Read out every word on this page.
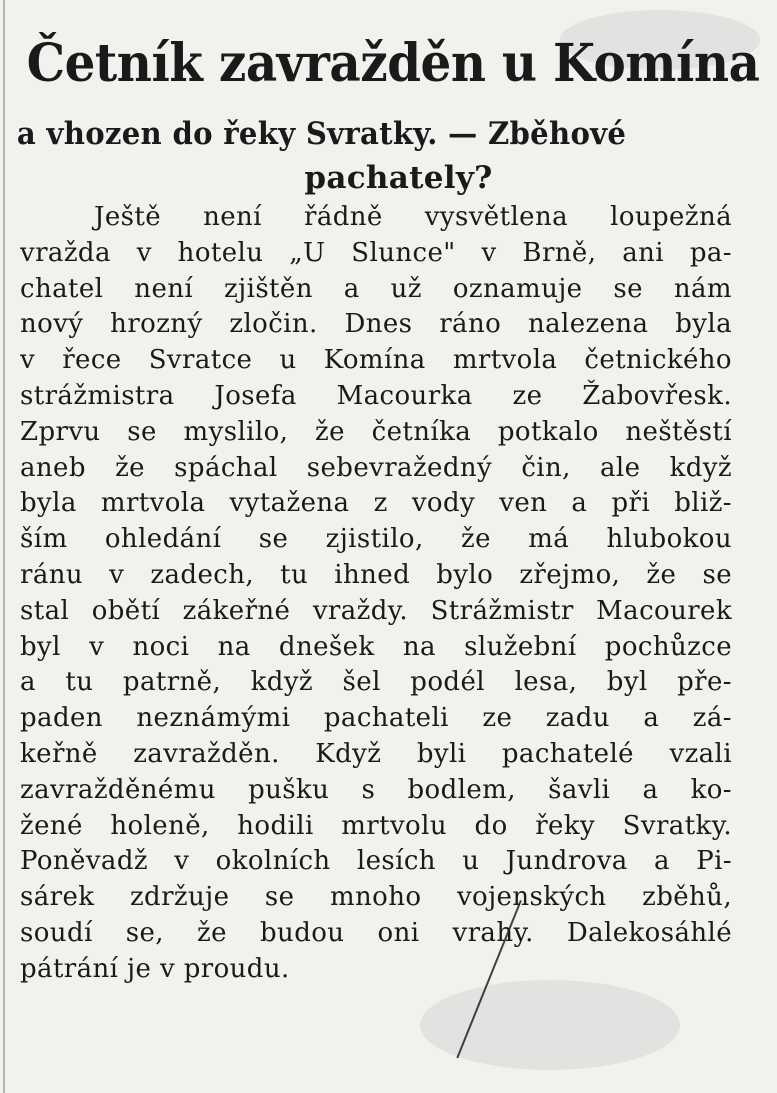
Četník zavražděn u Komína
a vhozen do řeky Svratky. — Zběhové
pachately?
Ještě není řádně vysvětlena loupežná
vražda v hotelu „U Slunce" v Brně, ani pa-
chatel není zjištěn a už oznamuje se nám
nový hrozný zločin. Dnes ráno nalezena byla
v řece Svratce u Komína mrtvola četnického
strážmistra Josefa Macourka ze Žabovřesk.
Zprvu se myslilo, že četníka potkalo neštěstí
aneb že spáchal sebevražedný čin, ale když
byla mrtvola vytažena z vody ven a při bliž-
ším ohledání se zjistilo, že má hlubokou
ránu v zadech, tu ihned bylo zřejmo, že se
stal obětí zákeřné vraždy. Strážmistr Macourek
byl v noci na dnešek na služební pochůzce
a tu patrně, když šel podél lesa, byl pře-
paden neznámými pachateli ze zadu a zá-
keřně zavražděn. Když byli pachatelé vzali
zavražděnému pušku s bodlem, šavli a ko-
žené holeně, hodili mrtvolu do řeky Svratky.
Poněvadž v okolních lesích u Jundrova a Pi-
sárek zdržuje se mnoho vojenských zběhů,
soudí se, že budou oni vrahy. Dalekosáhlé
pátrání je v proudu.
